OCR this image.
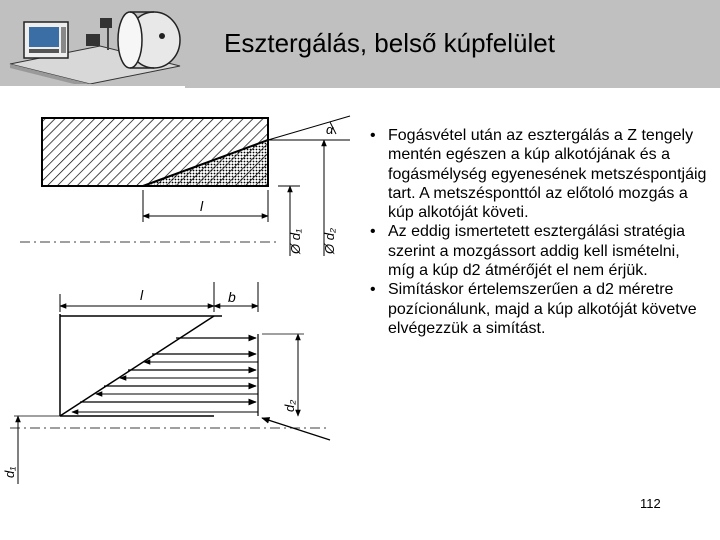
Esztergálás, belső kúpfelület
α
l
Ø d₁ Ø d₂
l	b
d₂
d₁
• Fogásvétel után az esztergálás a Z tengely mentén egészen a kúp alkotójának és a fogásmélység egyenesének metszéspontjáig tart. A metszésponttól az előtoló mozgás a kúp alkotóját követi.
• Az eddig ismertetett esztergálási stratégia szerint a mozgássort addig kell ismételni, míg a kúp d2 átmérőjét el nem érjük.
• Simításkor értelemszerűen a d2 méretre pozícionálunk, majd a kúp alkotóját követve elvégezzük a simítást.
112
